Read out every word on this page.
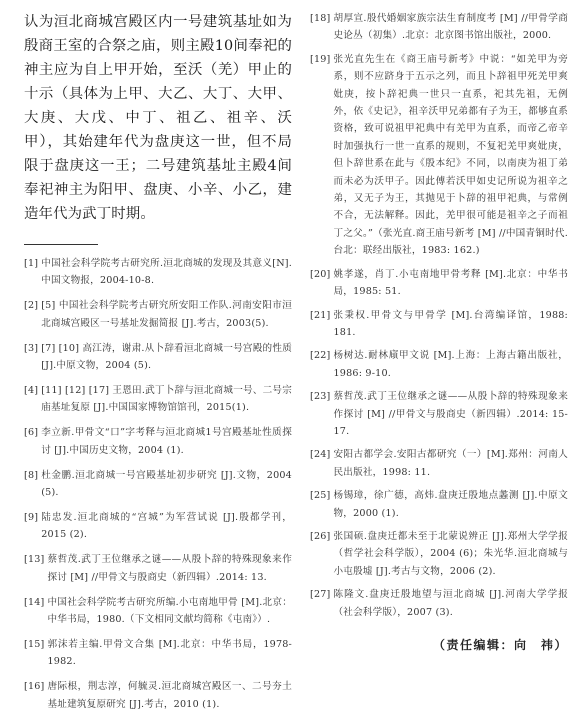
认为洹北商城宫殿区内一号建筑基址如为殷商王室的合祭之庙，则主殿10间奉祀的神主应为自上甲开始，至沃（羌）甲止的十示（具体为上甲、大乙、大丁、大甲、大庚、大戊、中丁、祖乙、祖辛、沃甲），其始建年代为盘庚这一世，但不局限于盘庚这一王；二号建筑基址主殿4间奉祀神主为阳甲、盘庚、小辛、小乙，建造年代为武丁时期。

[1] 中国社会科学院考古研究所.洹北商城的发现及其意义[N].中国文物报，2004-10-8.
[2] [5] 中国社会科学院考古研究所安阳工作队.河南安阳市洹北商城宫殿区一号基址发掘简报 [J].考古，2003(5).
[3] [7] [10] 高江涛，谢肃.从卜辞看洹北商城一号宫殿的性质 [J].中原文物，2004 (5).
[4] [11] [12] [17] 王恩田.武丁卜辞与洹北商城一号、二号宗庙基址复原 [J].中国国家博物馆馆刊，2015(1).
[6] 李立新.甲骨文“口”字考释与洹北商城1号宫殿基址性质探讨 [J].中国历史文物，2004 (1).
[8] 杜金鹏.洹北商城一号宫殿基址初步研究 [J].文物，2004 (5).
[9] 陆忠发.洹北商城的“宫城”为军营试说 [J].殷都学刊，2015 (2).
[13] 蔡哲茂.武丁王位继承之谜——从殷卜辞的特殊现象来作探讨 [M] //甲骨文与殷商史（新四辑）.2014: 13.
[14] 中国社会科学院考古研究所编.小屯南地甲骨 [M].北京：中华书局，1980.（下文相同文献均简称《屯南》）.
[15] 郭沫若主编.甲骨文合集 [M].北京：中华书局，1978-1982.
[16] 唐际根，荆志淳，何毓灵.洹北商城宫殿区一、二号夯土基址建筑复原研究 [J].考古，2010 (1).
[18] 胡厚宣.殷代婚姻家族宗法生育制度考 [M] //甲骨学商史论丛（初集）.北京：北京图书馆出版社，2000.
[19] 张光直先生在《商王庙号新考》中说：“如羌甲为旁系，则不应跻身于五示之列，而且卜辞祖甲死羌甲爽妣庚，按卜辞祀典一世只一直系，祀其先祖，无例外，依《史记》，祖辛沃甲兄弟都有子为王，都够直系资格，致可说祖甲祀典中有羌甲为直系，而帝乙帝辛时加强执行一世一直系的规则，不复祀羌甲爽妣庚，但卜辞世系在此与《殷本纪》不同，以南庚为祖丁弟而未必为沃甲子。因此傅若沃甲如史记所说为祖辛之弟，又无子为王，其抛见于卜辞的祖甲祀典，与常例不合，无法解释。因此，羌甲很可能是祖辛之子而祖丁之父。”（张光直.商王庙号新考 [M] //中国青铜时代.台北：联经出版社，1983: 162.)
[20] 姚孝遂，肖丁.小屯南地甲骨考释 [M].北京：中华书局，1985: 51.
[21] 张秉权.甲骨文与甲骨学 [M].台湾编译馆，1988: 181.
[22] 杨树达.耐林廎甲文说 [M].上海：上海古籍出版社，1986: 9-10.
[23] 蔡哲茂.武丁王位继承之谜——从殷卜辞的特殊现象来作探讨 [M] //甲骨文与殷商史（新四辑）.2014: 15-17.
[24] 安阳古都学会.安阳古都研究（一）[M].郑州：河南人民出版社，1998: 11.
[25] 杨锡璋，徐广德，高炜.盘庚迁殷地点蠡测 [J].中原文物，2000 (1).
[26] 张国硕.盘庚迁都未至于北蒙说辨正 [J].郑州大学学报（哲学社会科学版），2004 (6)；朱光华.洹北商城与小屯殷墟 [J].考古与文物，2006 (2).
[27] 陈隆文.盘庚迁殷地望与洹北商城 [J].河南大学学报（社会科学版），2007 (3).
（责任编辑：向　祎）
